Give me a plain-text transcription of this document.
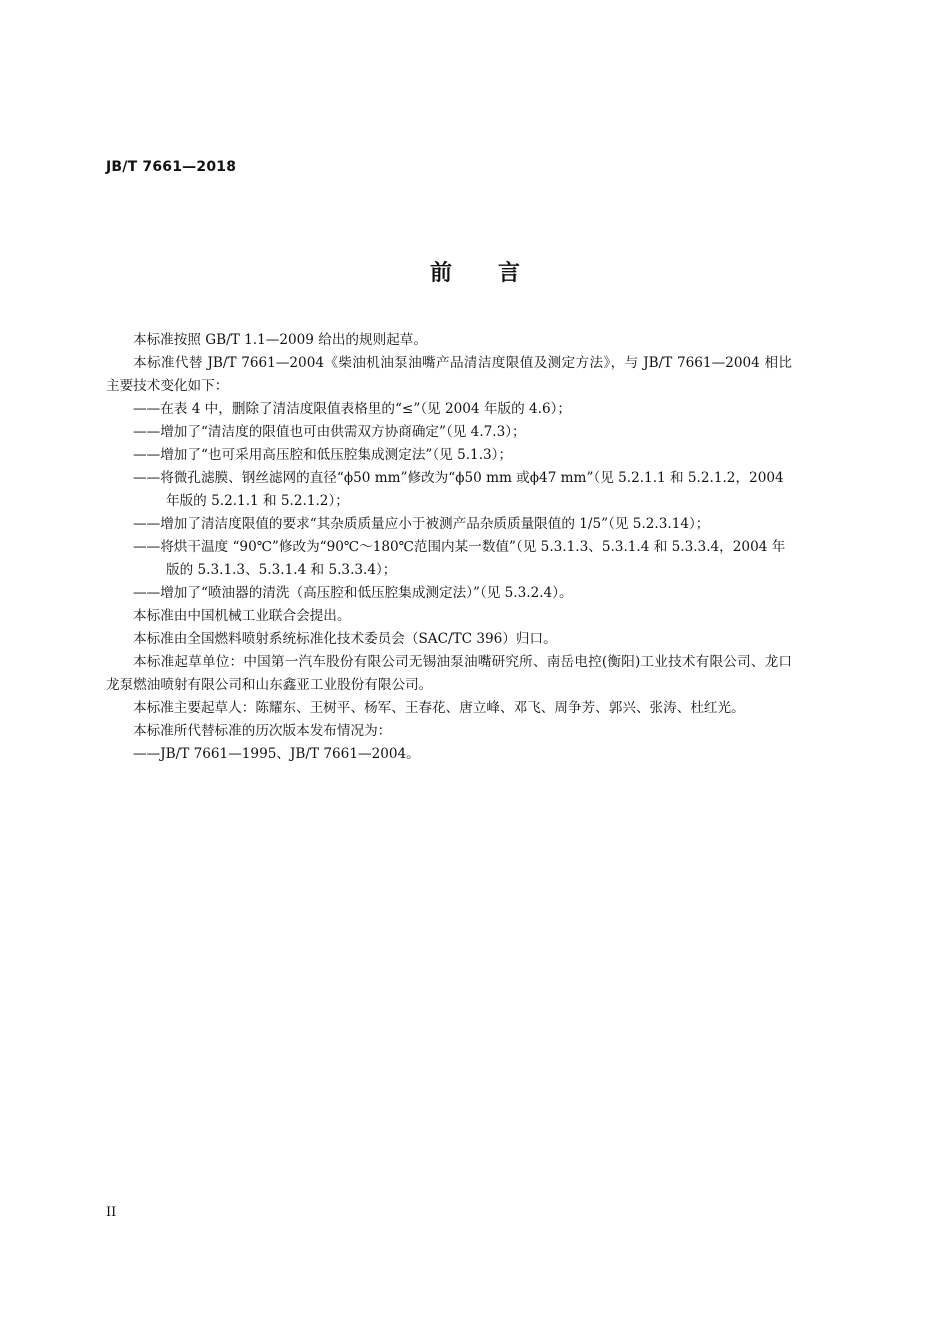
JB/T 7661—2018
前 言

本标准按照 GB/T 1.1—2009 给出的规则起草。

本标准代替 JB/T 7661—2004《柴油机油泵油嘴产品清洁度限值及测定方法》，与 JB/T 7661—2004 相比主要技术变化如下：

——在表 4 中，删除了清洁度限值表格里的“≤”（见 2004 年版的 4.6）；

——增加了“清洁度的限值也可由供需双方协商确定”（见 4.7.3）；

——增加了“也可采用高压腔和低压腔集成测定法”（见 5.1.3）；

——将微孔滤膜、钢丝滤网的直径“ϕ50 mm”修改为“ϕ50 mm 或ϕ47 mm”（见 5.2.1.1 和 5.2.1.2，2004 年版的 5.2.1.1 和 5.2.1.2）；

——增加了清洁度限值的要求“其杂质质量应小于被测产品杂质质量限值的 1/5”（见 5.2.3.14）；

——将烘干温度 “90℃”修改为“90℃～180℃范围内某一数值”（见 5.3.1.3、5.3.1.4 和 5.3.3.4，2004 年版的 5.3.1.3、5.3.1.4 和 5.3.3.4）；

——增加了“喷油器的清洗（高压腔和低压腔集成测定法）”（见 5.3.2.4）。

本标准由中国机械工业联合会提出。

本标准由全国燃料喷射系统标准化技术委员会（SAC/TC 396）归口。

本标准起草单位：中国第一汽车股份有限公司无锡油泵油嘴研究所、南岳电控(衡阳)工业技术有限公司、龙口龙泵燃油喷射有限公司和山东鑫亚工业股份有限公司。

本标准主要起草人：陈耀东、王树平、杨军、王春花、唐立峰、邓飞、周争芳、郭兴、张涛、杜红光。

本标准所代替标准的历次版本发布情况为：

——JB/T 7661—1995、JB/T 7661—2004。

II
